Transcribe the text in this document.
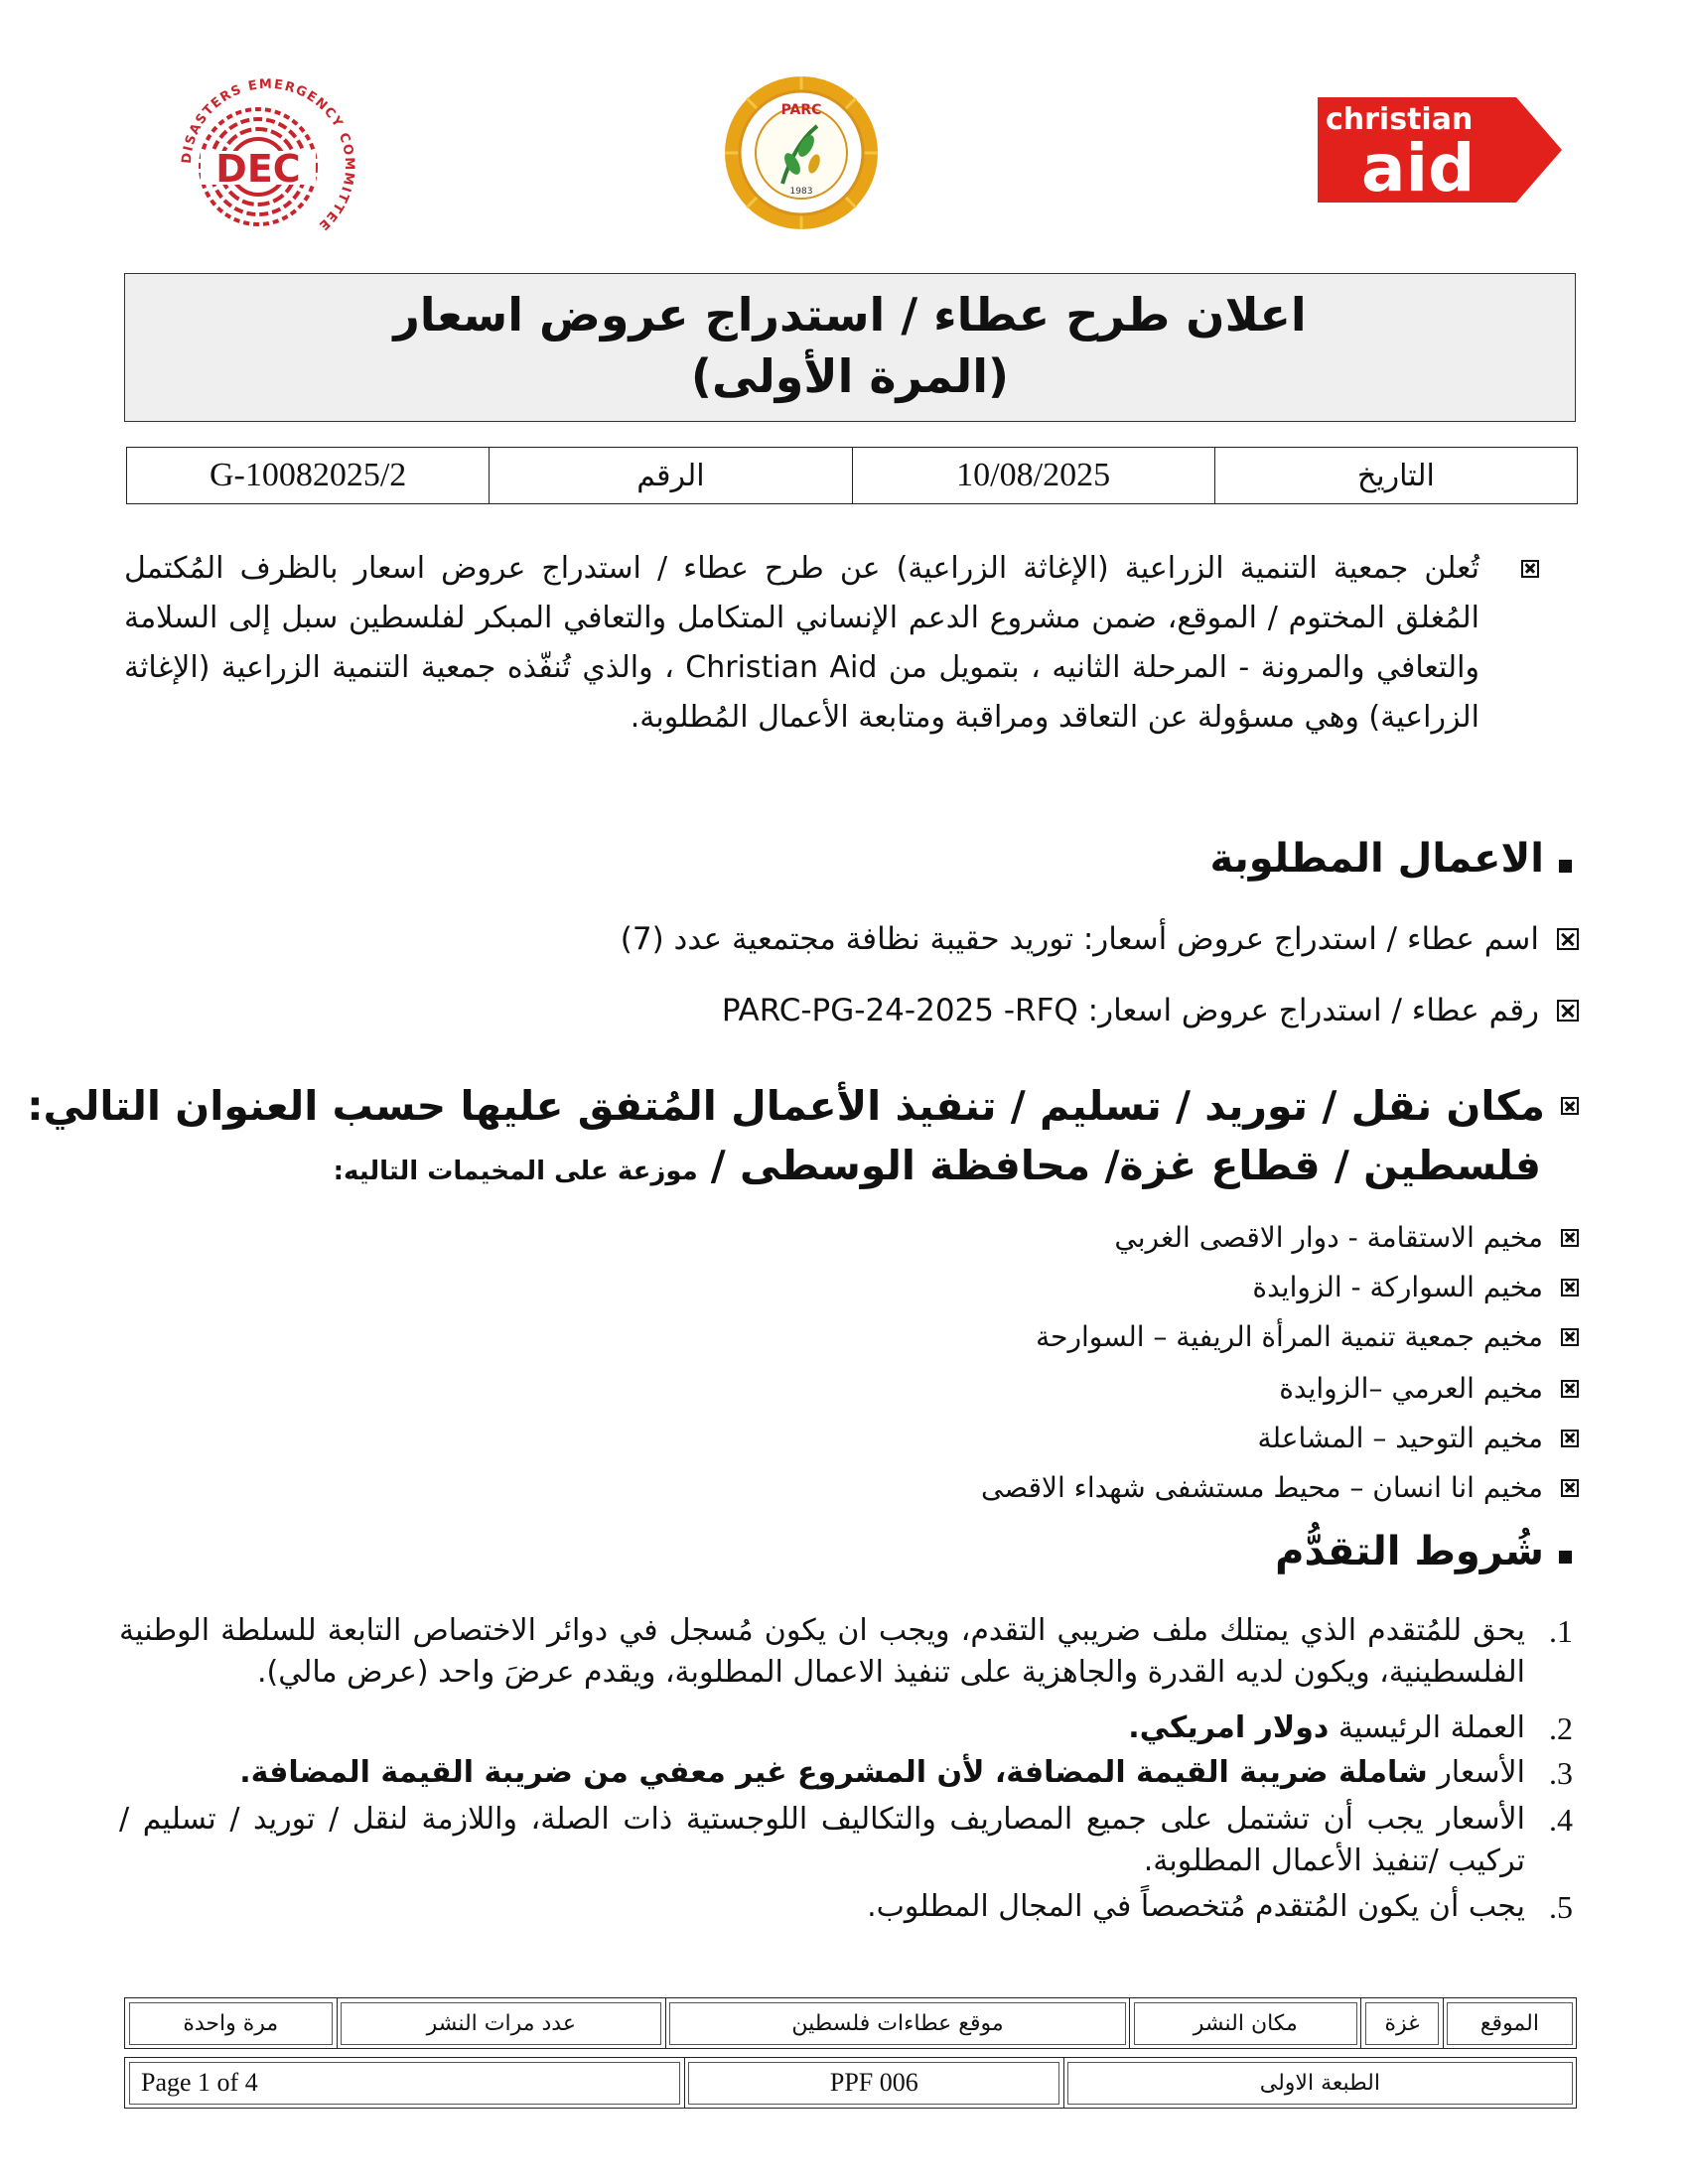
DISASTERS EMERGENCY COMMITTEE
DEC
PARC
1983
christian
aid
اعلان طرح عطاء / استدراج عروض اسعار
(المرة الأولى)
التاريخ	10/08/2025	الرقم	G-10082025/2
تُعلن جمعية التنمية الزراعية (الإغاثة الزراعية) عن طرح عطاء / استدراج عروض اسعار بالظرف المُكتمل المُغلق المختوم / الموقع، ضمن مشروع الدعم الإنساني المتكامل والتعافي المبكر لفلسطين سبل إلى السلامة والتعافي والمرونة - المرحلة الثانيه ، بتمويل من Christian Aid ، والذي تُنفّذه جمعية التنمية الزراعية (الإغاثة الزراعية) وهي مسؤولة عن التعاقد ومراقبة ومتابعة الأعمال المُطلوبة.
الاعمال المطلوبة
اسم عطاء / استدراج عروض أسعار: توريد حقيبة نظافة مجتمعية عدد (7)
رقم عطاء / استدراج عروض اسعار: PARC-PG-24-2025 -RFQ
مكان نقل / توريد / تسليم / تنفيذ الأعمال المُتفق عليها حسب العنوان التالي:
فلسطين / قطاع غزة/ محافظة الوسطى / موزعة على المخيمات التاليه:
مخيم الاستقامة - دوار الاقصى الغربي
مخيم السواركة - الزوايدة
مخيم جمعية تنمية المرأة الريفية – السوارحة
مخيم العرمي –الزوايدة
مخيم التوحيد – المشاعلة
مخيم انا انسان – محيط مستشفى شهداء الاقصى
شُروط التقدُّم
1.
يحق للمُتقدم الذي يمتلك ملف ضريبي التقدم، ويجب ان يكون مُسجل في دوائر الاختصاص التابعة للسلطة الوطنية الفلسطينية، ويكون لديه القدرة والجاهزية على تنفيذ الاعمال المطلوبة، ويقدم عرضَ واحد (عرض مالي).
2.
العملة الرئيسية دولار امريكي.
3.
الأسعار شاملة ضريبة القيمة المضافة، لأن المشروع غير معفي من ضريبة القيمة المضافة.
4.
الأسعار يجب أن تشتمل على جميع المصاريف والتكاليف اللوجستية ذات الصلة، واللازمة لنقل / توريد / تسليم / تركيب /تنفيذ الأعمال المطلوبة.
5.
يجب أن يكون المُتقدم مُتخصصاً في المجال المطلوب.
الموقع	غزة	مكان النشر	موقع عطاءات فلسطين	عدد مرات النشر	مرة واحدة
الطبعة الاولى	PPF 006	Page 1 of 4
